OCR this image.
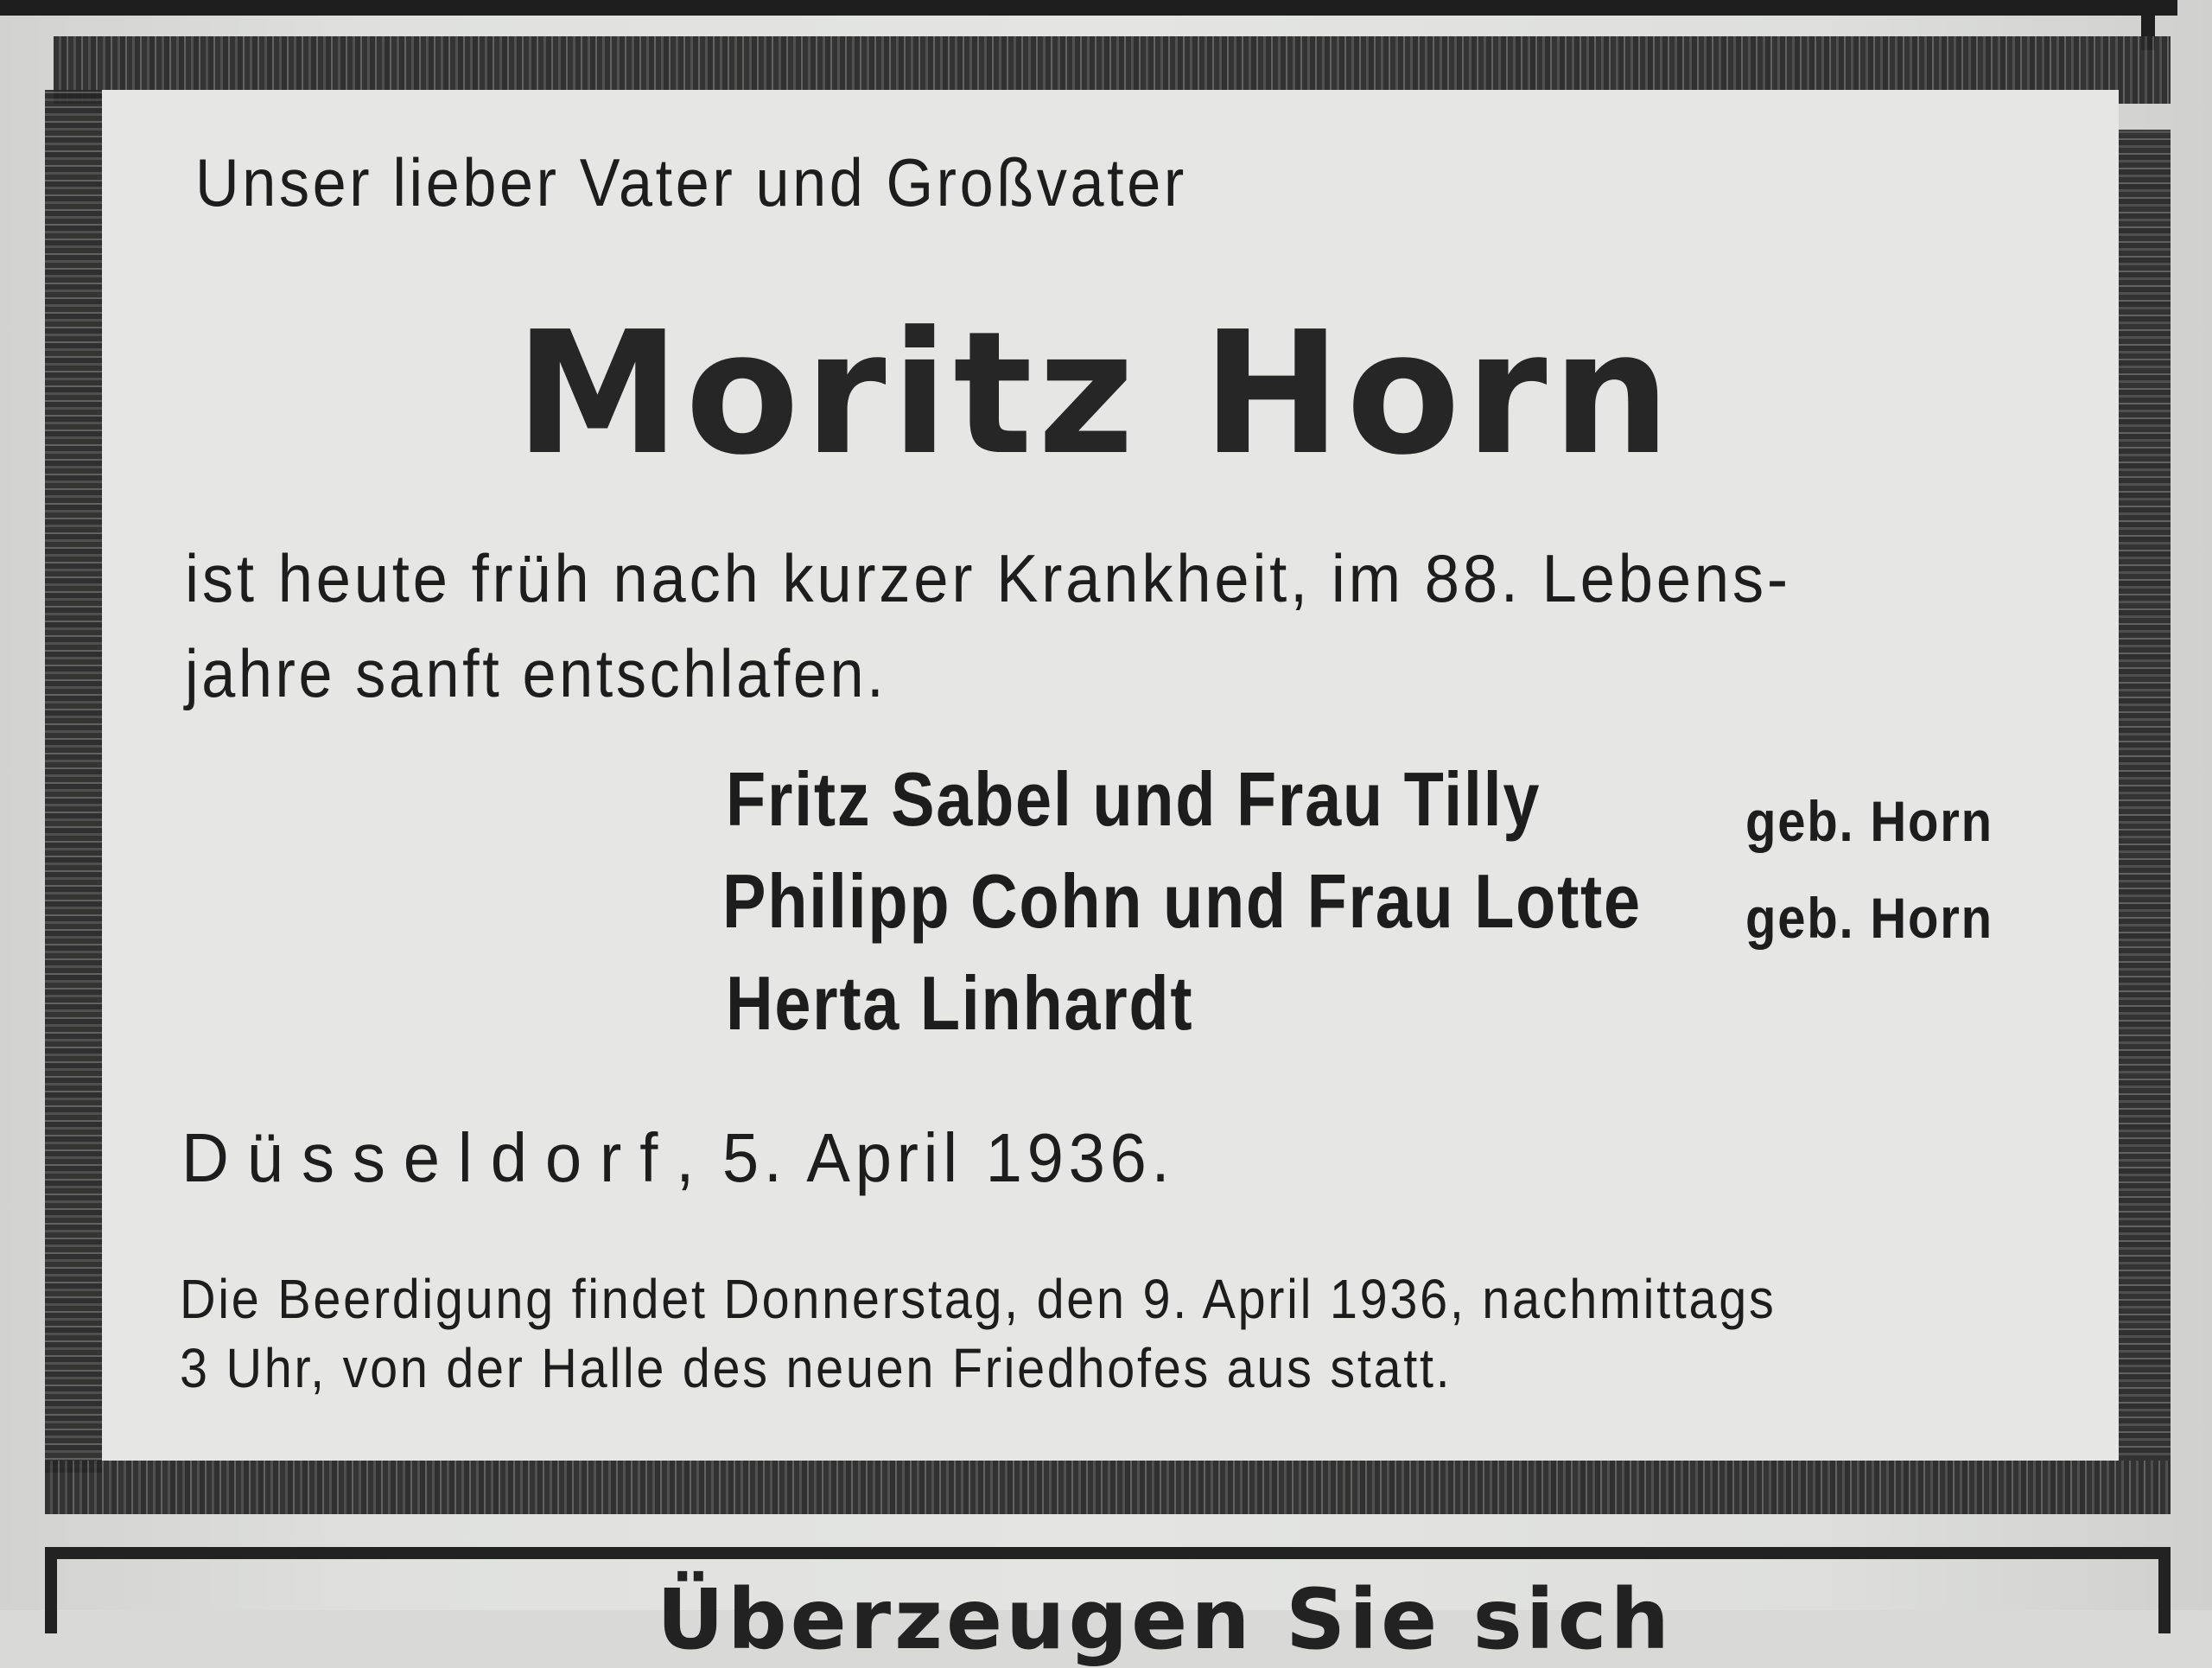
Unser lieber Vater und Großvater
Moritz Horn
ist heute früh nach kurzer Krankheit, im 88. Lebens-
jahre sanft entschlafen.
Fritz Sabel und Frau Tilly	geb. Horn
Philipp Cohn und Frau Lotte geb. Horn
Herta Linhardt
Düsseldorf, 5. April 1936.
Die Beerdigung findet Donnerstag, den 9. April 1936, nachmittags
3 Uhr, von der Halle des neuen Friedhofes aus statt.
Überzeugen Sie sich
